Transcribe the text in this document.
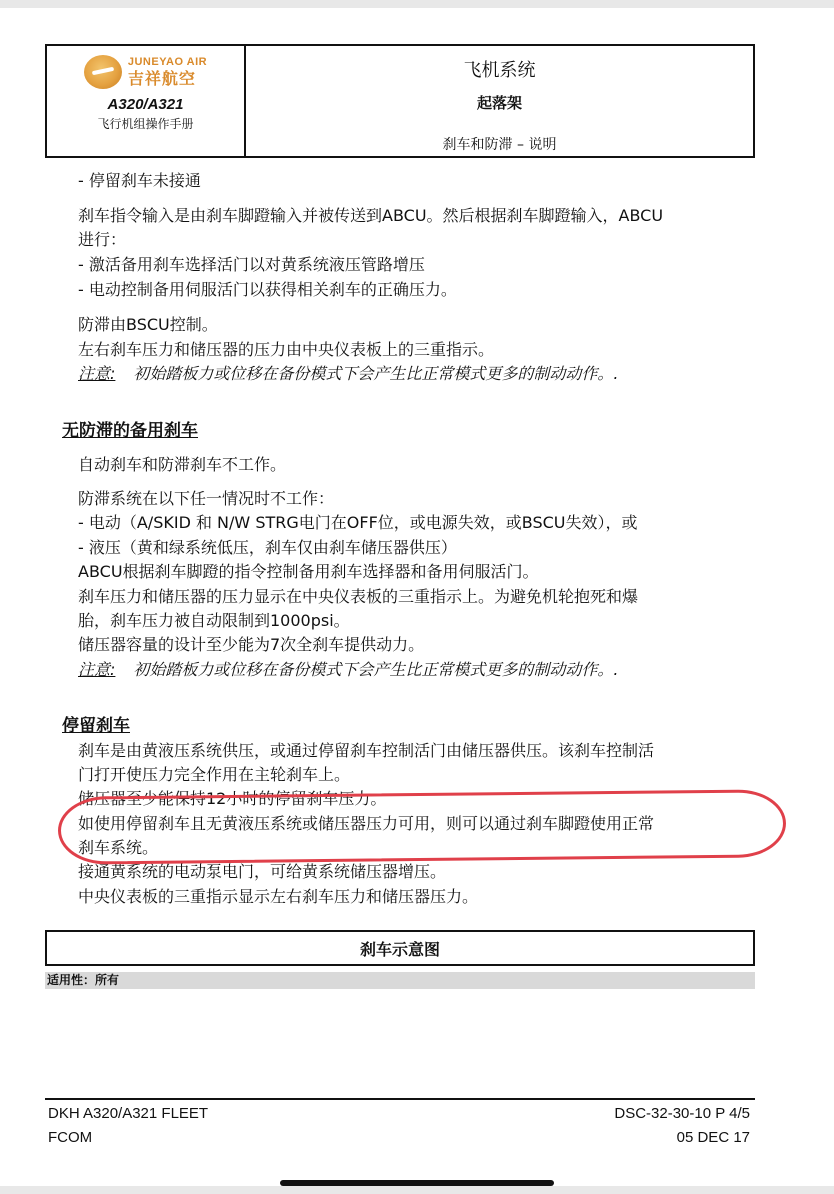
JUNEYAO AIR
吉祥航空
A320/A321
飞行机组操作手册
飞机系统
起落架
刹车和防滞 – 说明
- 停留刹车未接通
刹车指令输入是由刹车脚蹬输入并被传送到ABCU。然后根据刹车脚蹬输入，ABCU
进行：
- 激活备用刹车选择活门以对黄系统液压管路增压
- 电动控制备用伺服活门以获得相关刹车的正确压力。
防滞由BSCU控制。
左右刹车压力和储压器的压力由中央仪表板上的三重指示。
注意: 初始踏板力或位移在备份模式下会产生比正常模式更多的制动动作。.
无防滞的备用刹车
自动刹车和防滞刹车不工作。
防滞系统在以下任一情况时不工作：
- 电动（A/SKID 和 N/W STRG电门在OFF位，或电源失效，或BSCU失效），或
- 液压（黄和绿系统低压，刹车仅由刹车储压器供压）
ABCU根据刹车脚蹬的指令控制备用刹车选择器和备用伺服活门。
刹车压力和储压器的压力显示在中央仪表板的三重指示上。为避免机轮抱死和爆
胎，刹车压力被自动限制到1000psi。
储压器容量的设计至少能为7次全刹车提供动力。
注意: 初始踏板力或位移在备份模式下会产生比正常模式更多的制动动作。.
停留刹车
刹车是由黄液压系统供压，或通过停留刹车控制活门由储压器供压。该刹车控制活
门打开使压力完全作用在主轮刹车上。
储压器至少能保持12小时的停留刹车压力。
如使用停留刹车且无黄液压系统或储压器压力可用，则可以通过刹车脚蹬使用正常
刹车系统。
接通黄系统的电动泵电门，可给黄系统储压器增压。
中央仪表板的三重指示显示左右刹车压力和储压器压力。
刹车示意图
适用性：所有
DKH A320/A321 FLEET
FCOM
DSC-32-30-10 P 4/5
05 DEC 17
